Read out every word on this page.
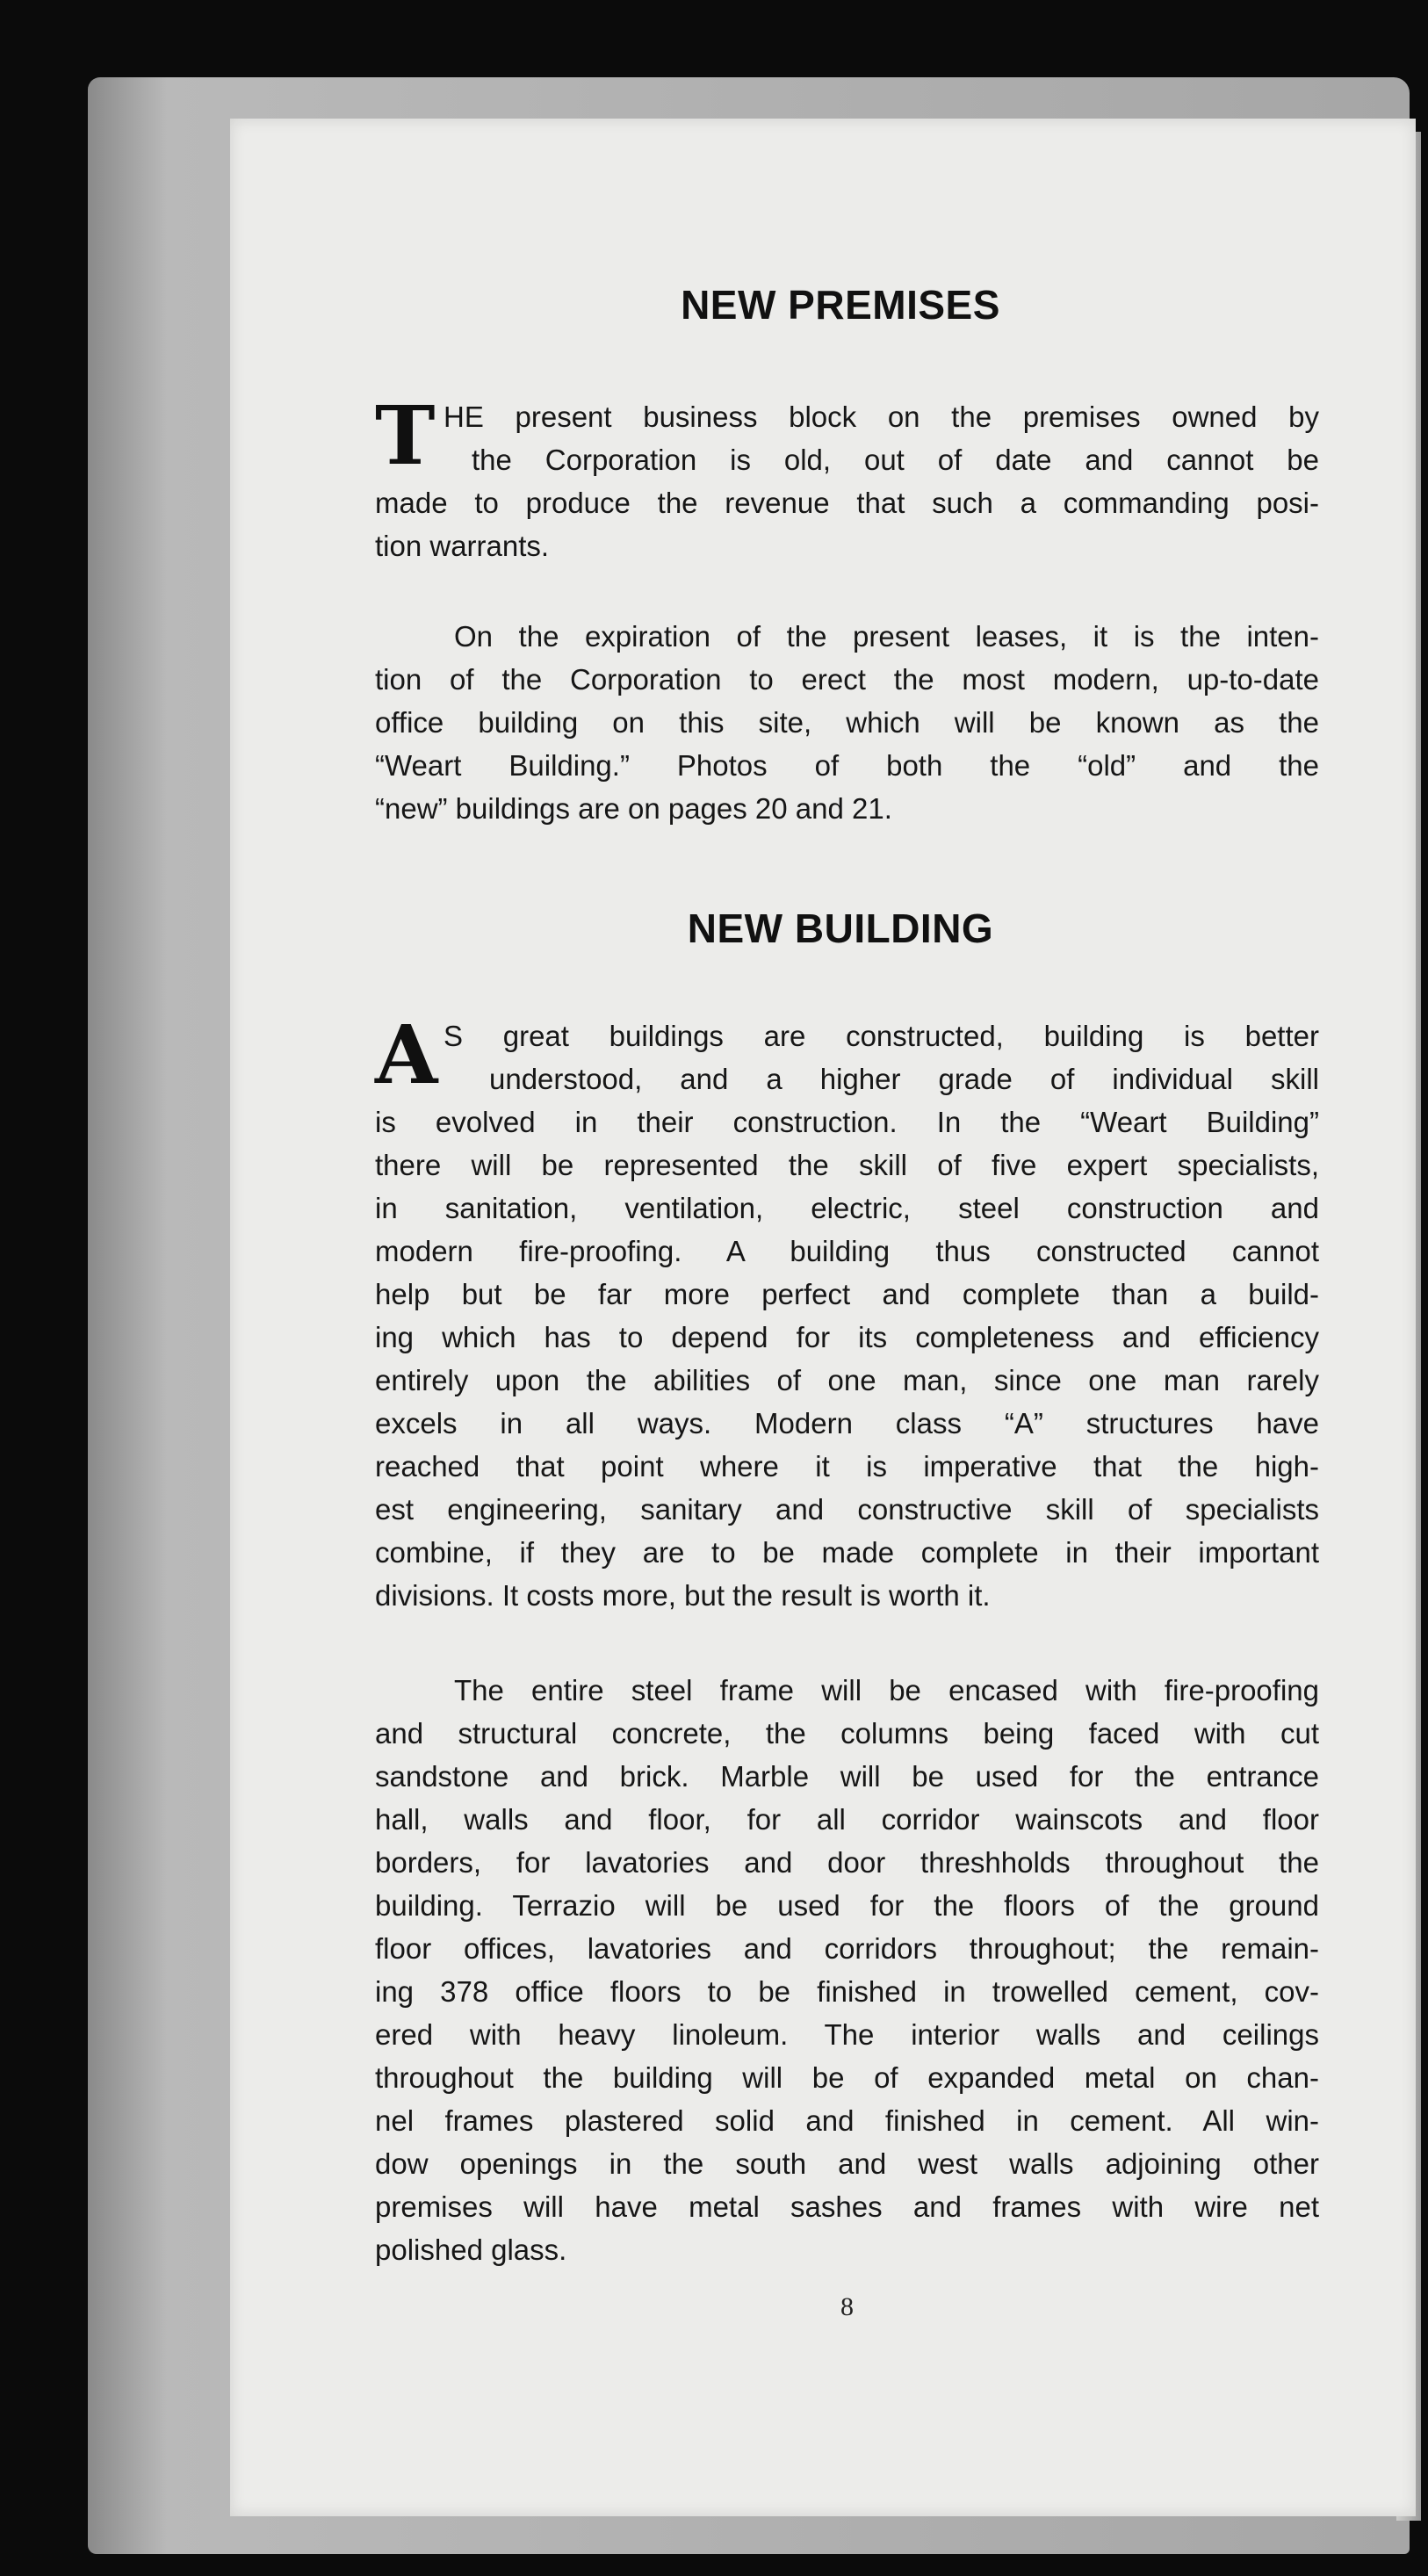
NEW PREMISES
T HE present business block on the premises owned by
the Corporation is old, out of date and cannot be
made to produce the revenue that such a commanding posi-
tion warrants.
On the expiration of the present leases, it is the inten-
tion of the Corporation to erect the most modern, up-to-date
office building on this site, which will be known as the
“Weart Building.” Photos of both the “old” and the
“new” buildings are on pages 20 and 21.
NEW BUILDING
A S great buildings are constructed, building is better
understood, and a higher grade of individual skill
is evolved in their construction. In the “Weart Building”
there will be represented the skill of five expert specialists,
in sanitation, ventilation, electric, steel construction and
modern fire-proofing. A building thus constructed cannot
help but be far more perfect and complete than a build-
ing which has to depend for its completeness and efficiency
entirely upon the abilities of one man, since one man rarely
excels in all ways. Modern class “A” structures have
reached that point where it is imperative that the high-
est engineering, sanitary and constructive skill of specialists
combine, if they are to be made complete in their important
divisions. It costs more, but the result is worth it.
The entire steel frame will be encased with fire-proofing
and structural concrete, the columns being faced with cut
sandstone and brick. Marble will be used for the entrance
hall, walls and floor, for all corridor wainscots and floor
borders, for lavatories and door threshholds throughout the
building. Terrazio will be used for the floors of the ground
floor offices, lavatories and corridors throughout; the remain-
ing 378 office floors to be finished in trowelled cement, cov-
ered with heavy linoleum. The interior walls and ceilings
throughout the building will be of expanded metal on chan-
nel frames plastered solid and finished in cement. All win-
dow openings in the south and west walls adjoining other
premises will have metal sashes and frames with wire net
polished glass.
8
